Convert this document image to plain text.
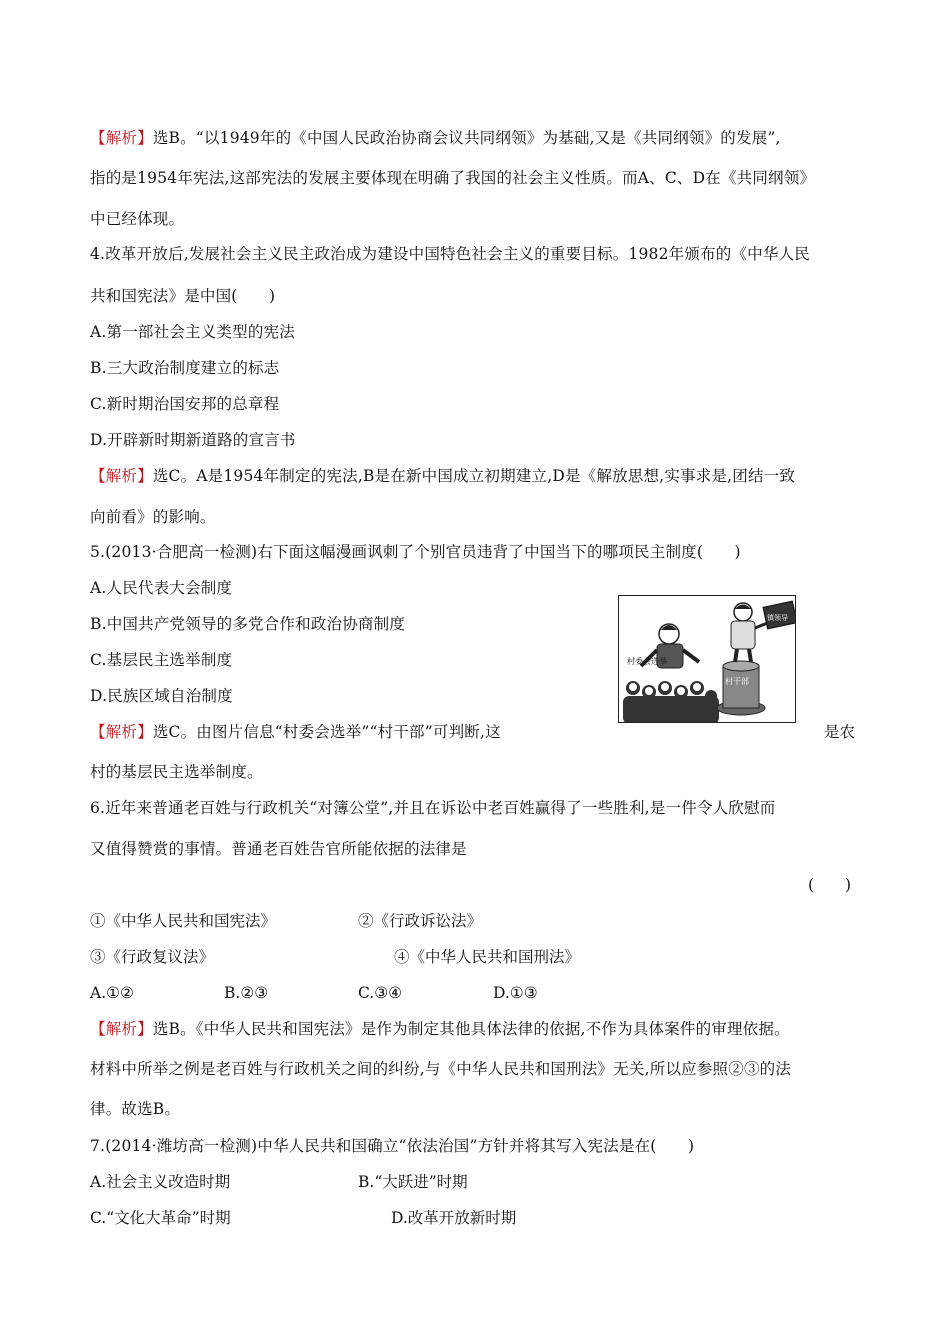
【解析】选B。“以1949年的《中国人民政治协商会议共同纲领》为基础,又是《共同纲领》的发展”,
指的是1954年宪法,这部宪法的发展主要体现在明确了我国的社会主义性质。而A、C、D在《共同纲领》
中已经体现。
4.改革开放后,发展社会主义民主政治成为建设中国特色社会主义的重要目标。1982年颁布的《中华人民
共和国宪法》是中国(　　)
A.第一部社会主义类型的宪法
B.三大政治制度建立的标志
C.新时期治国安邦的总章程
D.开辟新时期新道路的宣言书
【解析】选C。A是1954年制定的宪法,B是在新中国成立初期建立,D是《解放思想,实事求是,团结一致
向前看》的影响。
5.(2013·合肥高一检测)右下面这幅漫画讽刺了个别官员违背了中国当下的哪项民主制度(　　)
A.人民代表大会制度
B.中国共产党领导的多党合作和政治协商制度
C.基层民主选举制度
D.民族区域自治制度
村委会选举
村干部
镇领导
【解析】选C。由图片信息“村委会选举”“村干部”可判断,这	是农
村的基层民主选举制度。
6.近年来普通老百姓与行政机关“对簿公堂”,并且在诉讼中老百姓赢得了一些胜利,是一件令人欣慰而
又值得赞赏的事情。普通老百姓告官所能依据的法律是
(　　)
①《中华人民共和国宪法》	②《行政诉讼法》
③《行政复议法》	④《中华人民共和国刑法》
A.①②	B.②③	C.③④	D.①③
【解析】选B。《中华人民共和国宪法》是作为制定其他具体法律的依据,不作为具体案件的审理依据。
材料中所举之例是老百姓与行政机关之间的纠纷,与《中华人民共和国刑法》无关,所以应参照②③的法
律。故选B。
7.(2014·潍坊高一检测)中华人民共和国确立“依法治国”方针并将其写入宪法是在(　　)
A.社会主义改造时期	B.“大跃进”时期
C.“文化大革命”时期	D.改革开放新时期
